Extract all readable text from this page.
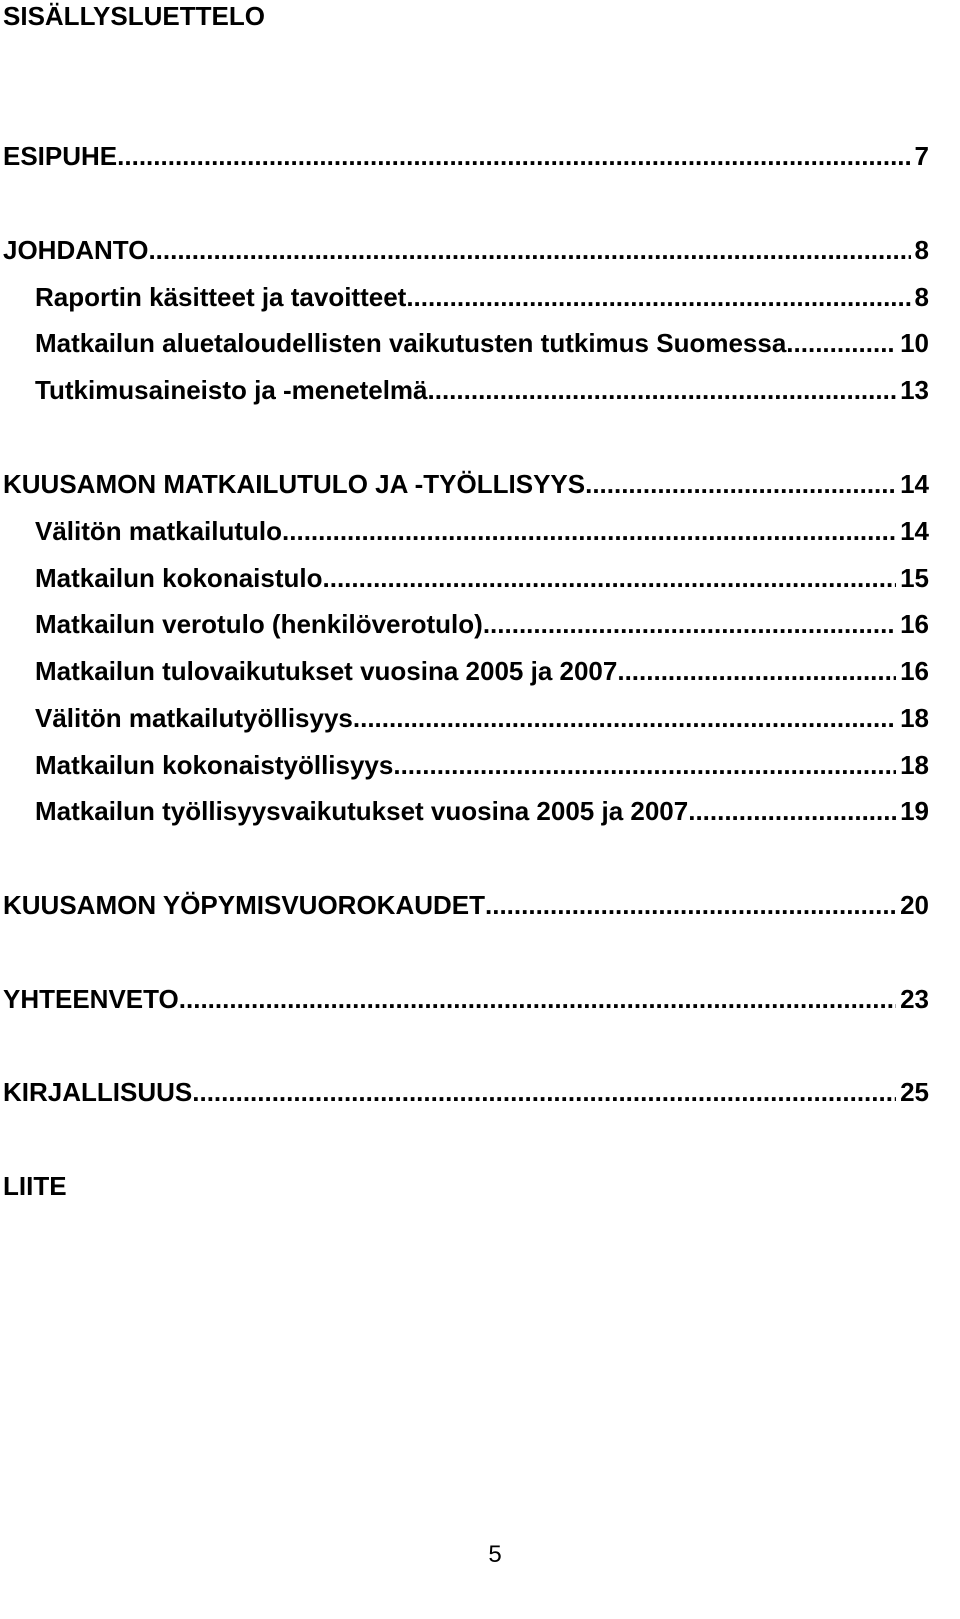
SISÄLLYSLUETTELO
ESIPUHE .....	7
JOHDANTO .....	8
Raportin käsitteet ja tavoitteet .....	8
Matkailun aluetaloudellisten vaikutusten tutkimus Suomessa .....	10
Tutkimusaineisto ja -menetelmä .....	13
KUUSAMON MATKAILUTULO JA -TYÖLLISYYS .....	14
Välitön matkailutulo .....	14
Matkailun kokonaistulo .....	15
Matkailun verotulo (henkilöverotulo) .....	16
Matkailun tulovaikutukset vuosina 2005 ja 2007 .....	16
Välitön matkailutyöllisyys .....	18
Matkailun kokonaistyöllisyys .....	18
Matkailun työllisyysvaikutukset vuosina 2005 ja 2007 .....	19
KUUSAMON YÖPYMISVUOROKAUDET .....	20
YHTEENVETO .....	23
KIRJALLISUUS .....	25
LIITE
5
